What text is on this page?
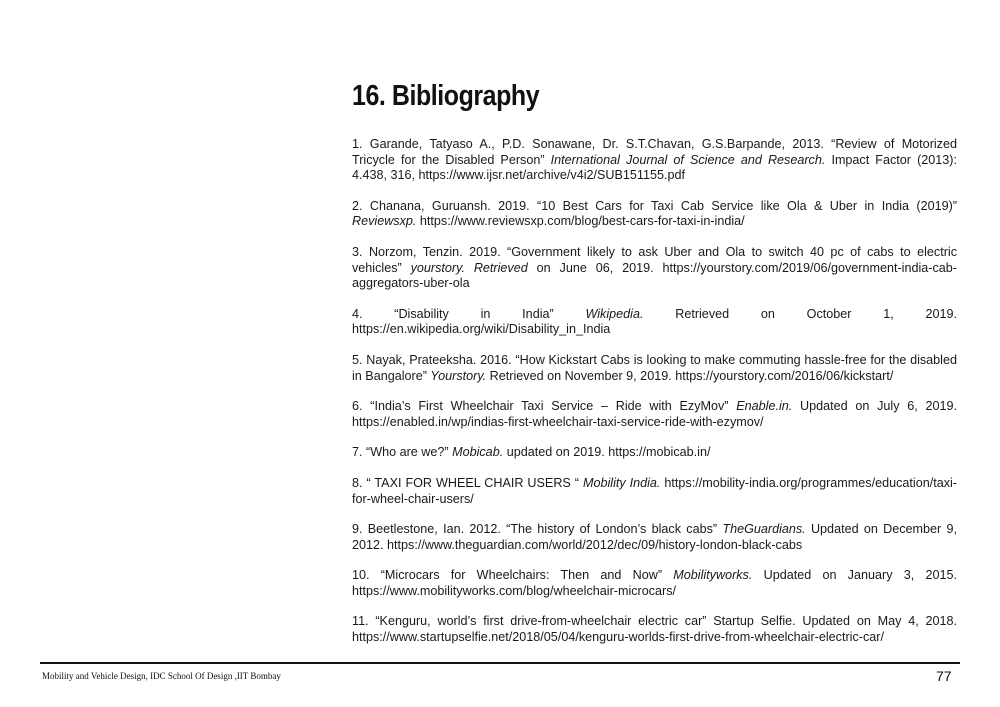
16. Bibliography

1. Garande, Tatyaso A., P.D. Sonawane, Dr. S.T.Chavan, G.S.Barpande, 2013. “Review of Motorized Tricycle for the Disabled Person” International Journal of Science and Research. Impact Factor (2013): 4.438, 316, https://www.ijsr.net/archive/v4i2/SUB151155.pdf

2. Chanana, Guruansh. 2019. “10 Best Cars for Taxi Cab Service like Ola & Uber in India (2019)” Reviewsxp. https://www.reviewsxp.com/blog/best-cars-for-taxi-in-india/

3. Norzom, Tenzin. 2019. “Government likely to ask Uber and Ola to switch 40 pc of cabs to electric vehicles” yourstory. Retrieved on June 06, 2019. https://yourstory.com/2019/06/government-india-cab-aggregators-uber-ola

4. “Disability in India” Wikipedia. Retrieved on October 1, 2019. https://en.wikipedia.org/wiki/Disability_in_India

5. Nayak, Prateeksha. 2016. “How Kickstart Cabs is looking to make commuting hassle-free for the disabled in Bangalore” Yourstory. Retrieved on November 9, 2019. https://yourstory.com/2016/06/kickstart/

6. “India’s First Wheelchair Taxi Service – Ride with EzyMov” Enable.in. Updated on July 6, 2019. https://enabled.in/wp/indias-first-wheelchair-taxi-service-ride-with-ezymov/

7. “Who are we?” Mobicab. updated on 2019. https://mobicab.in/

8. “ TAXI FOR WHEEL CHAIR USERS “ Mobility India. https://mobility-india.org/programmes/education/taxi-for-wheel-chair-users/

9. Beetlestone, Ian. 2012. “The history of London’s black cabs” TheGuardians. Updated on December 9, 2012. https://www.theguardian.com/world/2012/dec/09/history-london-black-cabs

10. “Microcars for Wheelchairs: Then and Now” Mobilityworks. Updated on January 3, 2015. https://www.mobilityworks.com/blog/wheelchair-microcars/

11. “Kenguru, world’s first drive-from-wheelchair electric car” Startup Selfie. Updated on May 4, 2018. https://www.startupselfie.net/2018/05/04/kenguru-worlds-first-drive-from-wheelchair-electric-car/

Mobility and Vehicle Design, IDC School Of Design ,IIT Bombay	77
